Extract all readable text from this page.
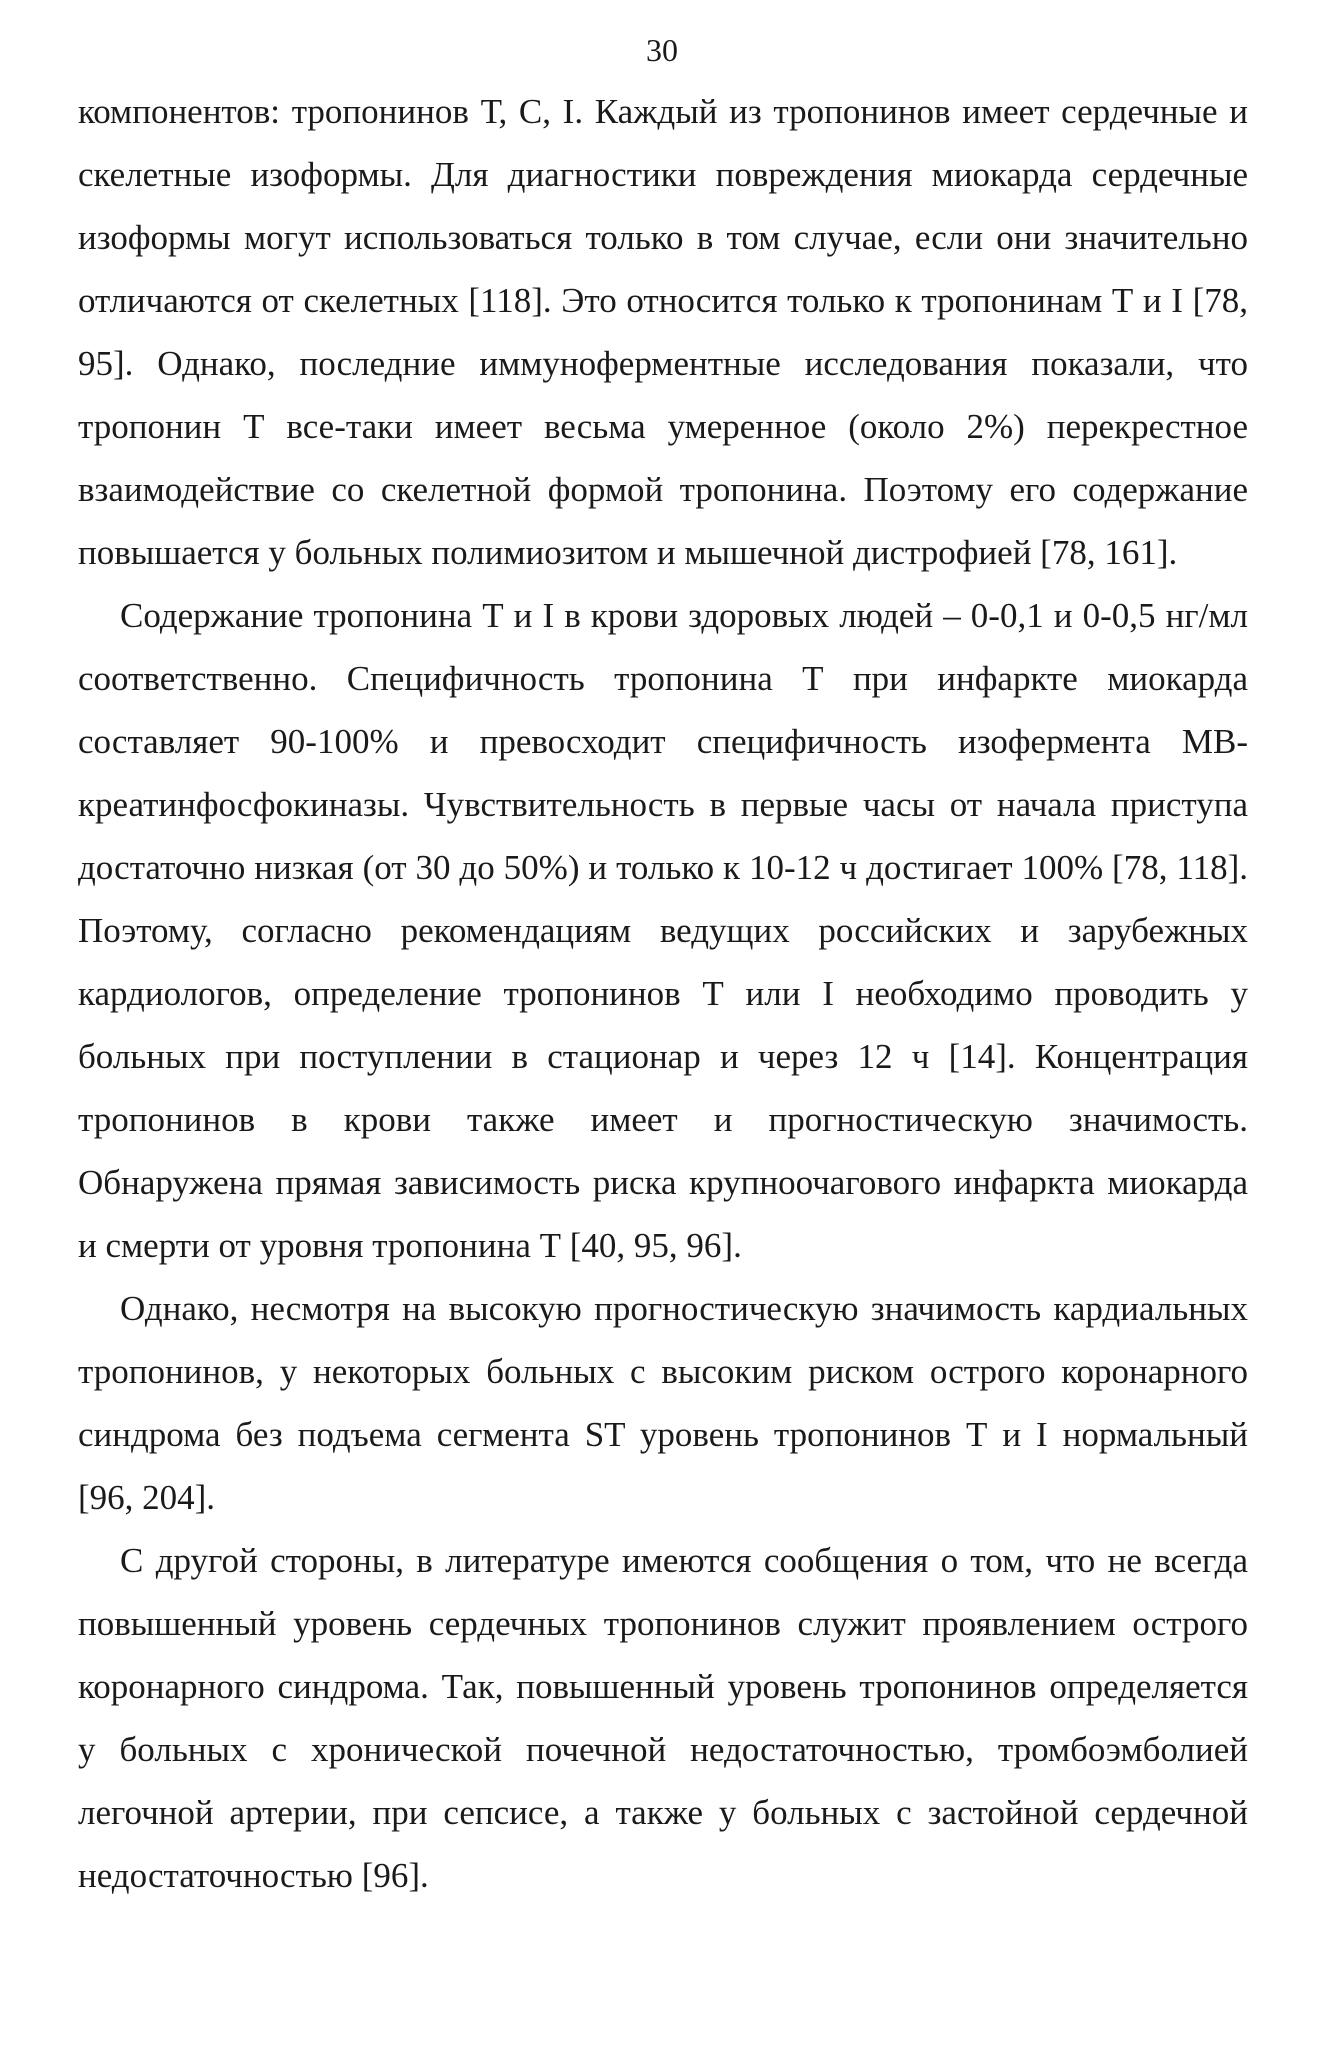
30

компонентов: тропонинов Т, С, I. Каждый из тропонинов имеет сердечные и скелетные изоформы. Для диагностики повреждения миокарда сердечные изоформы могут использоваться только в том случае, если они значительно отличаются от скелетных [118]. Это относится только к тропонинам Т и I [78, 95]. Однако, последние иммуноферментные исследования показали, что тропонин Т все-таки имеет весьма умеренное (около 2%) перекрестное взаимодействие со скелетной формой тропонина. Поэтому его содержание повышается у больных полимиозитом и мышечной дистрофией [78, 161].

Содержание тропонина Т и I в крови здоровых людей – 0-0,1 и 0-0,5 нг/мл соответственно. Специфичность тропонина Т при инфаркте миокарда составляет 90-100% и превосходит специфичность изофермента МВ-креатинфосфокиназы. Чувствительность в первые часы от начала приступа достаточно низкая (от 30 до 50%) и только к 10-12 ч достигает 100% [78, 118]. Поэтому, согласно рекомендациям ведущих российских и зарубежных кардиологов, определение тропонинов Т или I необходимо проводить у больных при поступлении в стационар и через 12 ч [14]. Концентрация тропонинов в крови также имеет и прогностическую значимость. Обнаружена прямая зависимость риска крупноочагового инфаркта миокарда и смерти от уровня тропонина Т [40, 95, 96].

Однако, несмотря на высокую прогностическую значимость кардиальных тропонинов, у некоторых больных с высоким риском острого коронарного синдрома без подъема сегмента ST уровень тропонинов Т и I нормальный [96, 204].

С другой стороны, в литературе имеются сообщения о том, что не всегда повышенный уровень сердечных тропонинов служит проявлением острого коронарного синдрома. Так, повышенный уровень тропонинов определяется у больных с хронической почечной недостаточностью, тромбоэмболией легочной артерии, при сепсисе, а также у больных с застойной сердечной недостаточностью [96].
